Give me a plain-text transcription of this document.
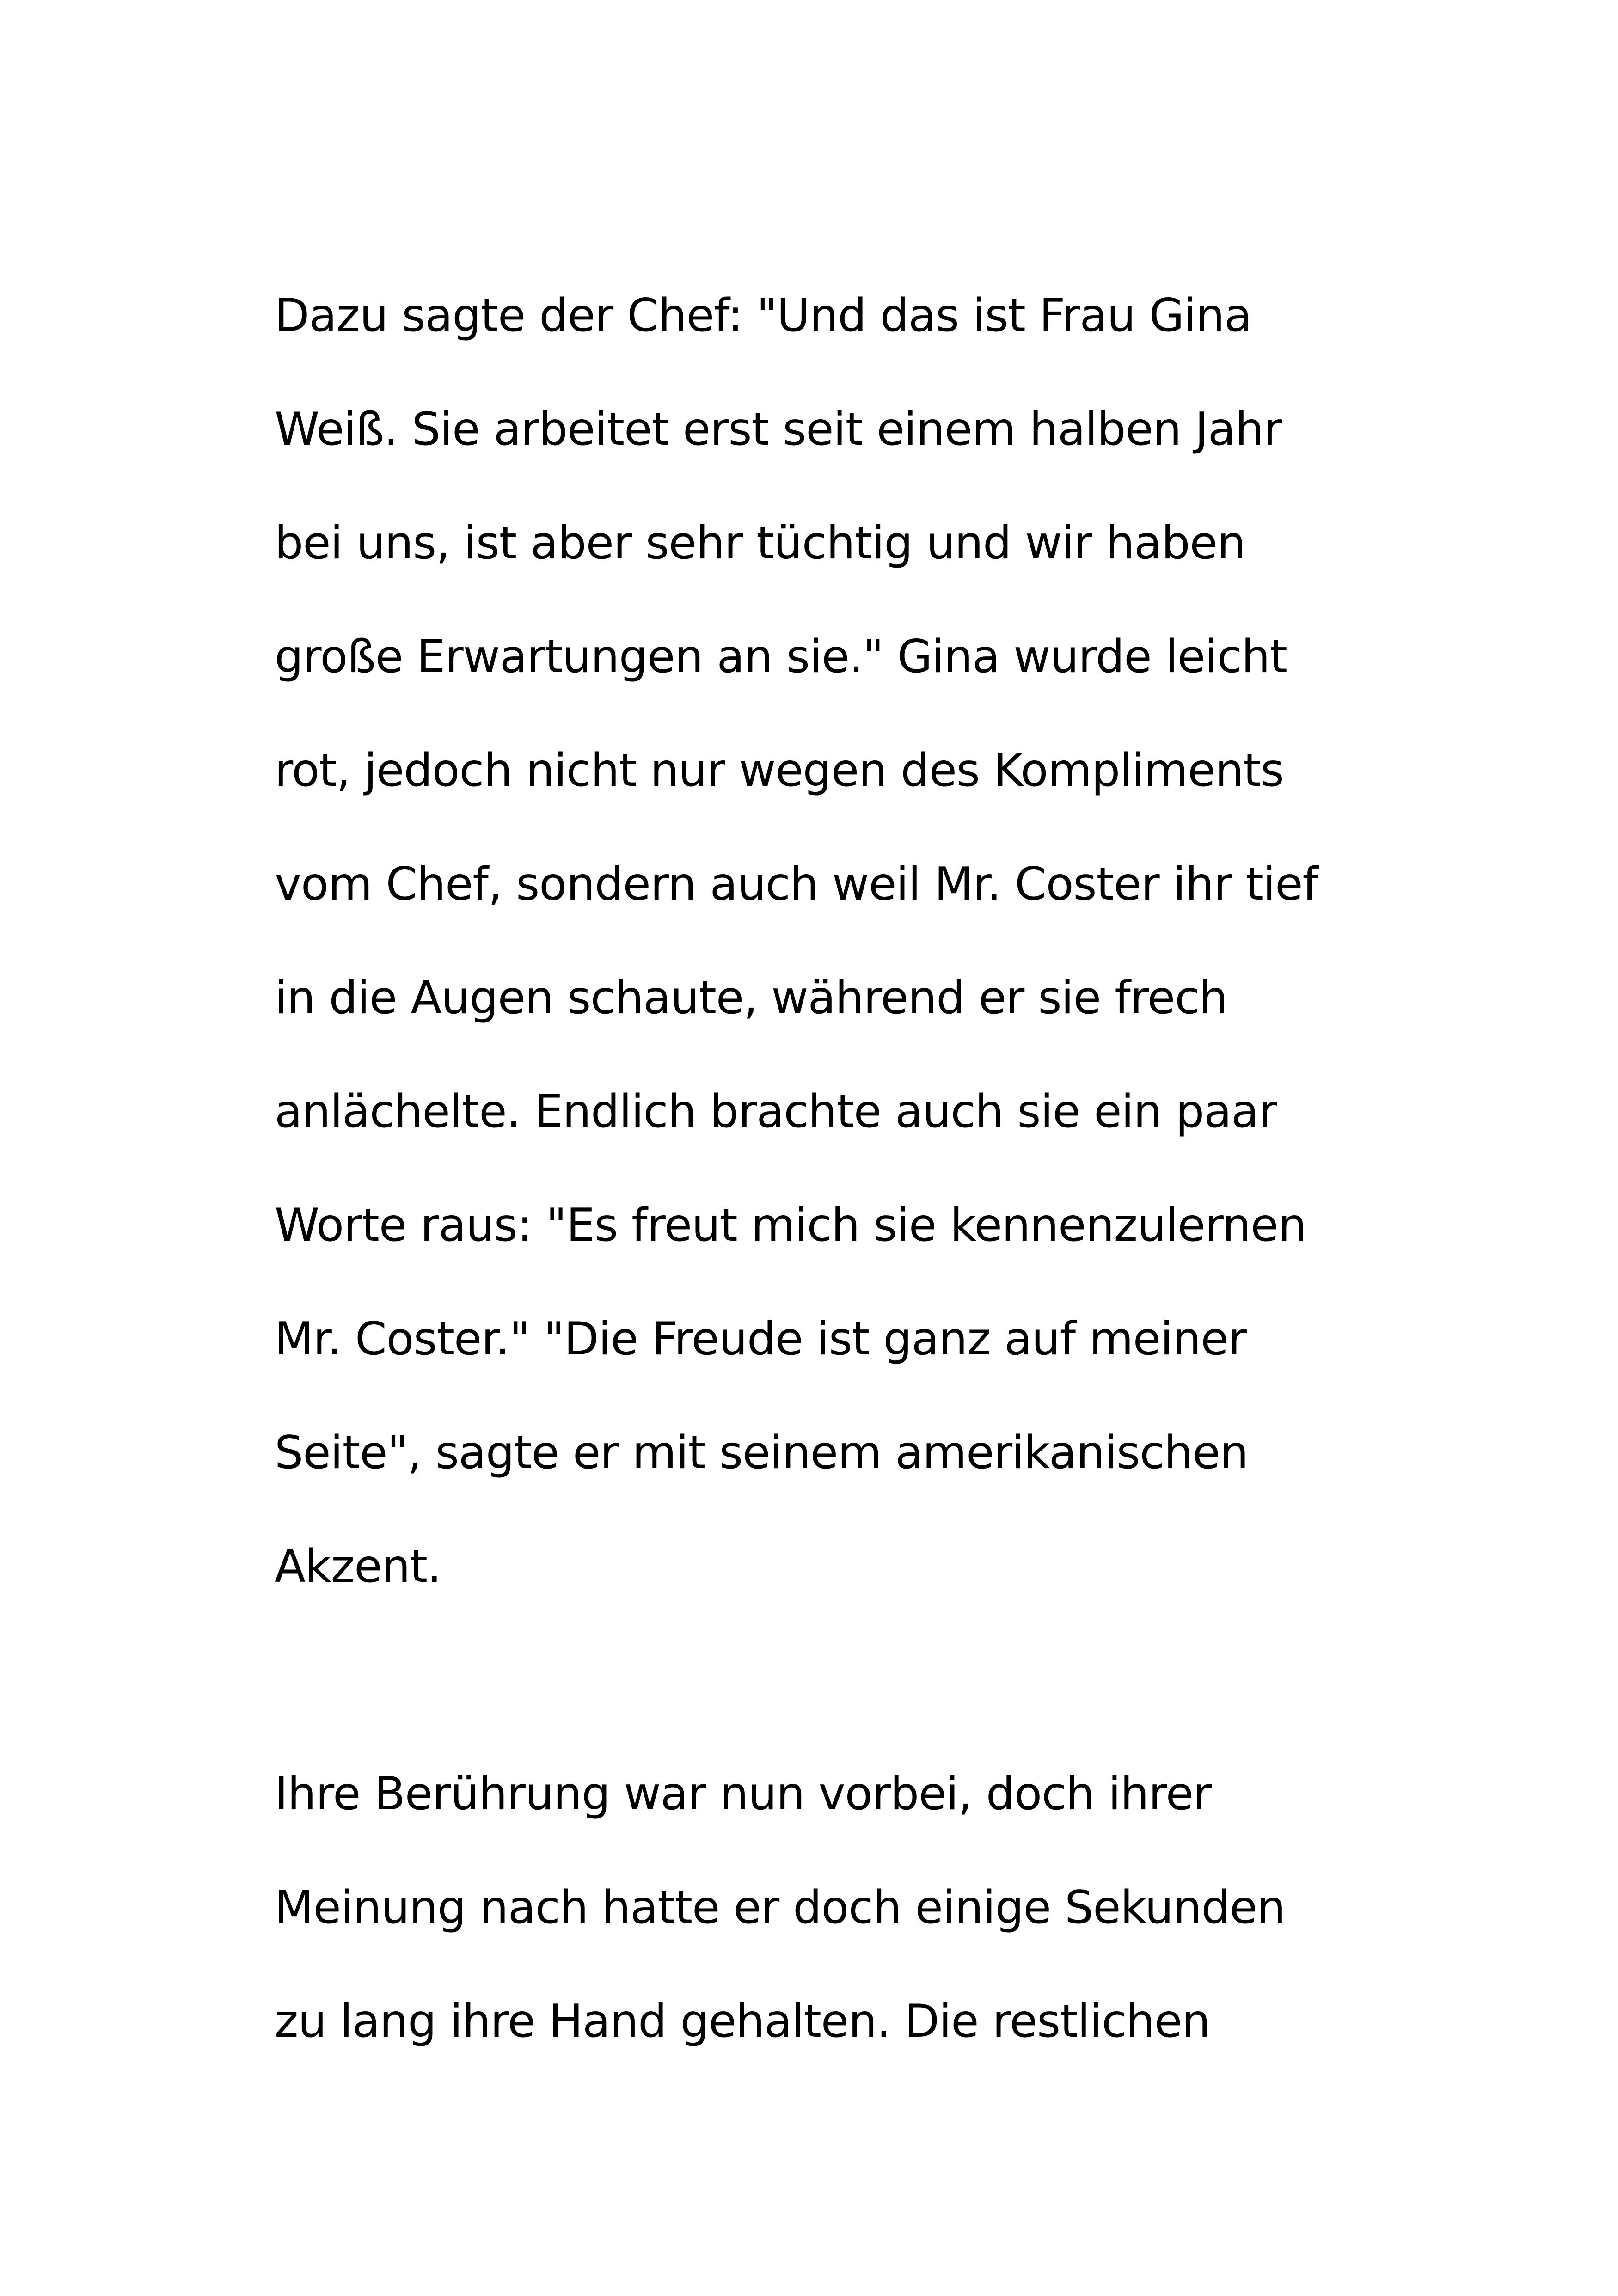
Dazu sagte der Chef: "Und das ist Frau Gina
Weiß. Sie arbeitet erst seit einem halben Jahr
bei uns, ist aber sehr tüchtig und wir haben
große Erwartungen an sie." Gina wurde leicht
rot, jedoch nicht nur wegen des Kompliments
vom Chef, sondern auch weil Mr. Coster ihr tief
in die Augen schaute, während er sie frech
anlächelte. Endlich brachte auch sie ein paar
Worte raus: "Es freut mich sie kennenzulernen
Mr. Coster." "Die Freude ist ganz auf meiner
Seite", sagte er mit seinem amerikanischen
Akzent.
Ihre Berührung war nun vorbei, doch ihrer
Meinung nach hatte er doch einige Sekunden
zu lang ihre Hand gehalten. Die restlichen
